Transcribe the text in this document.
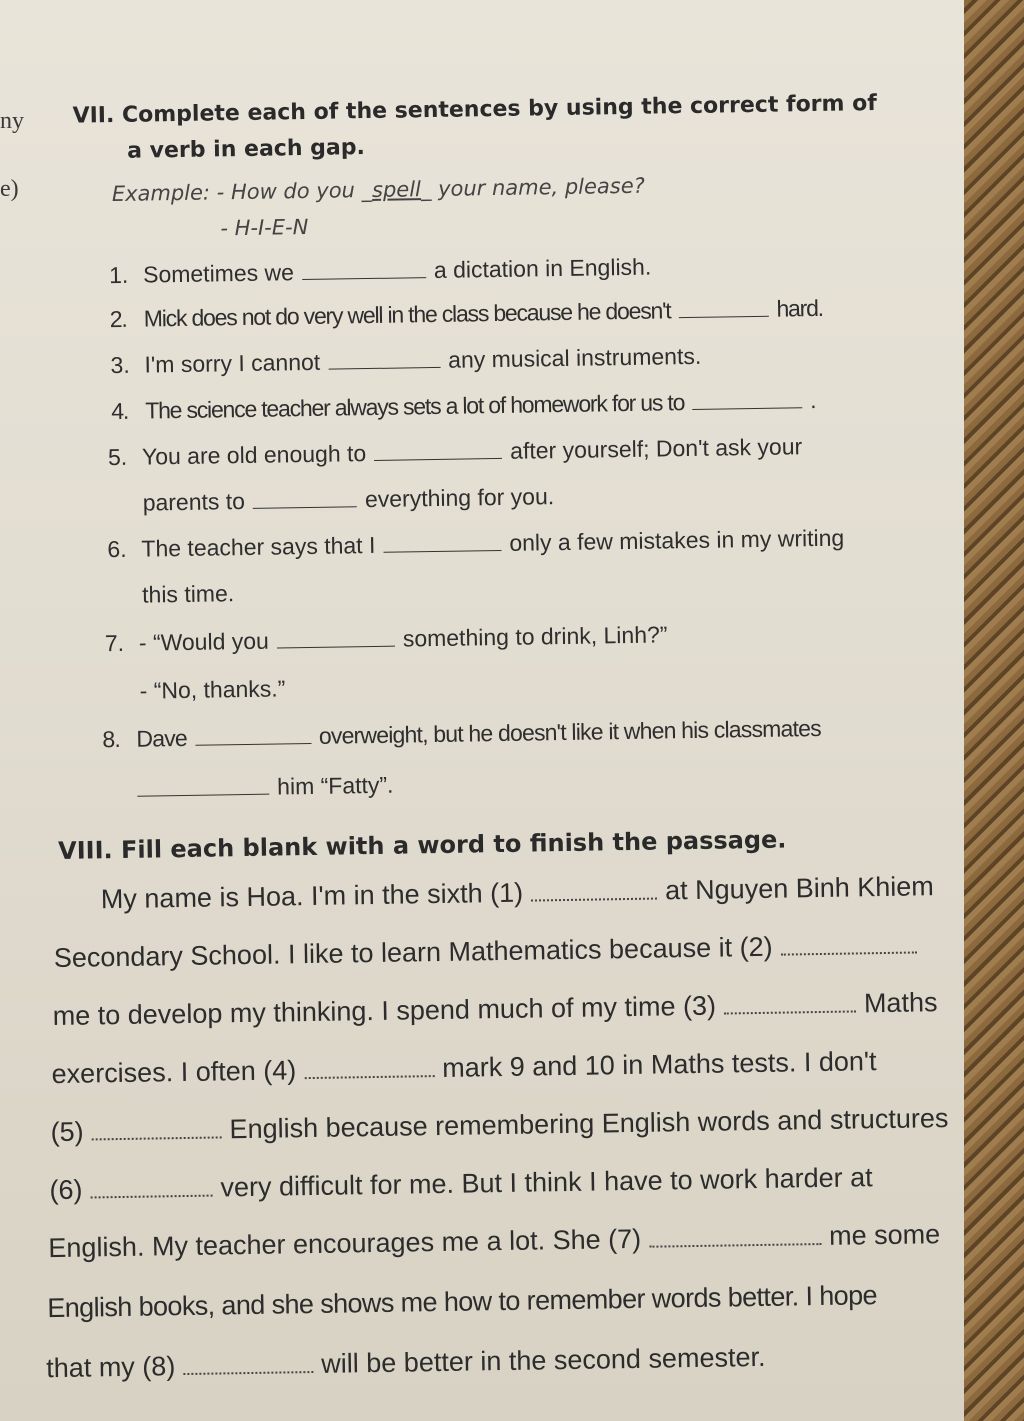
ny
e)
VII. Complete each of the sentences by using the correct form of
a verb in each gap.
Example: - How do you _spell_ your name, please?
- H-I-E-N
1. Sometimes we	a dictation in English.
2. Mick does not do very well in the class because he doesn't	hard.
3. I'm sorry I cannot	any musical instruments.
4. The science teacher always sets a lot of homework for us to	.
5. You are old enough to	after yourself; Don't ask your
parents to	everything for you.
6. The teacher says that I	only a few mistakes in my writing
this time.
7. - “Would you	something to drink, Linh?”
- “No, thanks.”
8. Dave	overweight, but he doesn't like it when his classmates
him “Fatty”.
VIII. Fill each blank with a word to finish the passage.
My name is Hoa. I'm in the sixth (1)	at Nguyen Binh Khiem
Secondary School. I like to learn Mathematics because it (2)
me to develop my thinking. I spend much of my time (3)	Maths
exercises. I often (4)	mark 9 and 10 in Maths tests. I don't
(5)	English because remembering English words and structures
(6)	very difficult for me. But I think I have to work harder at
English. My teacher encourages me a lot. She (7)	me some
English books, and she shows me how to remember words better. I hope
that my (8)	will be better in the second semester.
